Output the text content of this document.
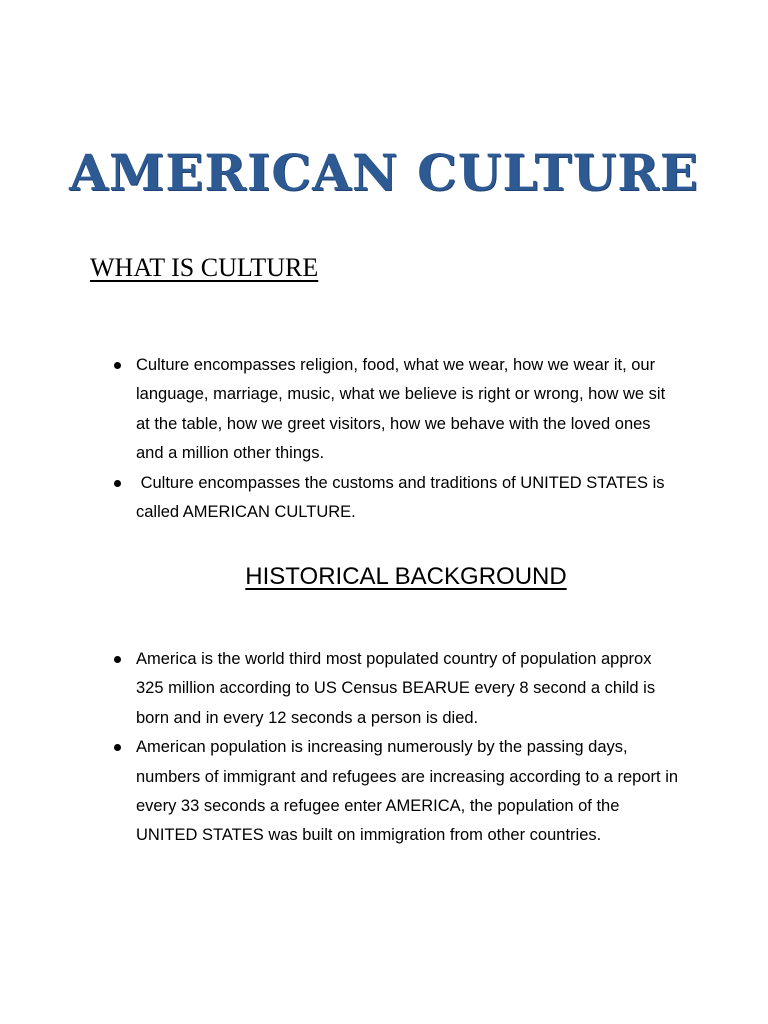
AMERICAN CULTURE
WHAT IS CULTURE
Culture encompasses religion, food, what we wear, how we wear it, our language, marriage, music, what we believe is right or wrong, how we sit at the table, how we greet visitors, how we behave with the loved ones and a million other things.
Culture encompasses the customs and traditions of UNITED STATES is called AMERICAN CULTURE.
HISTORICAL BACKGROUND
America is the world third most populated country of population approx 325 million according to US Census BEARUE every 8 second a child is born and in every 12 seconds a person is died.
American population is increasing numerously by the passing days, numbers of immigrant and refugees are increasing according to a report in every 33 seconds a refugee enter AMERICA, the population of the UNITED STATES was built on immigration from other countries.
